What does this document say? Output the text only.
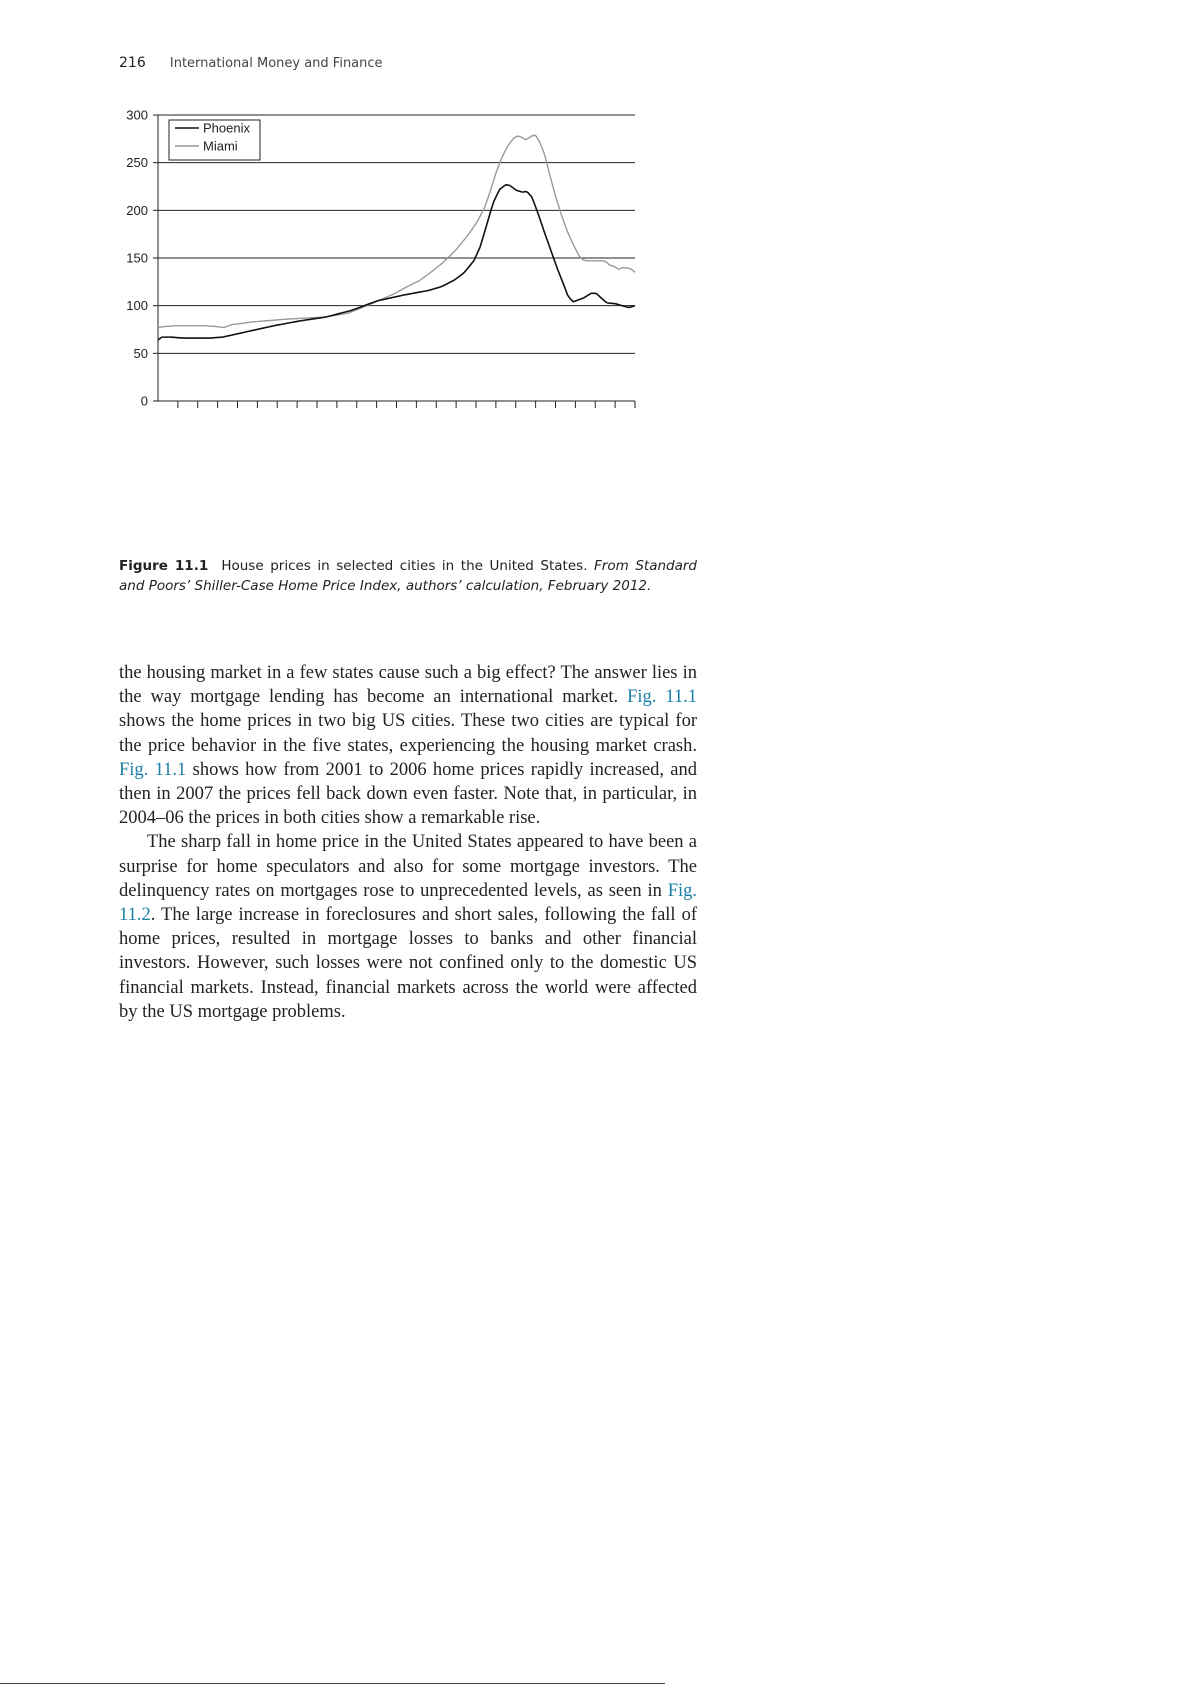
216 International Money and Finance
0
50
100
150
200
250
300
Phoenix
Miami
Figure 11.1 House prices in selected cities in the United States. From Standard and Poors’ Shiller-Case Home Price Index, authors’ calculation, February 2012.

the housing market in a few states cause such a big effect? The answer lies in the way mortgage lending has become an international market. Fig. 11.1 shows the home prices in two big US cities. These two cities are typical for the price behavior in the five states, experiencing the housing market crash. Fig. 11.1 shows how from 2001 to 2006 home prices rapidly increased, and then in 2007 the prices fell back down even faster. Note that, in particular, in 2004–06 the prices in both cities show a remarkable rise.

The sharp fall in home price in the United States appeared to have been a surprise for home speculators and also for some mortgage investors. The delinquency rates on mortgages rose to unprecedented levels, as seen in Fig. 11.2. The large increase in foreclosures and short sales, following the fall of home prices, resulted in mortgage losses to banks and other financial investors. However, such losses were not confined only to the domestic US financial markets. Instead, financial markets across the world were affected by the US mortgage problems.
